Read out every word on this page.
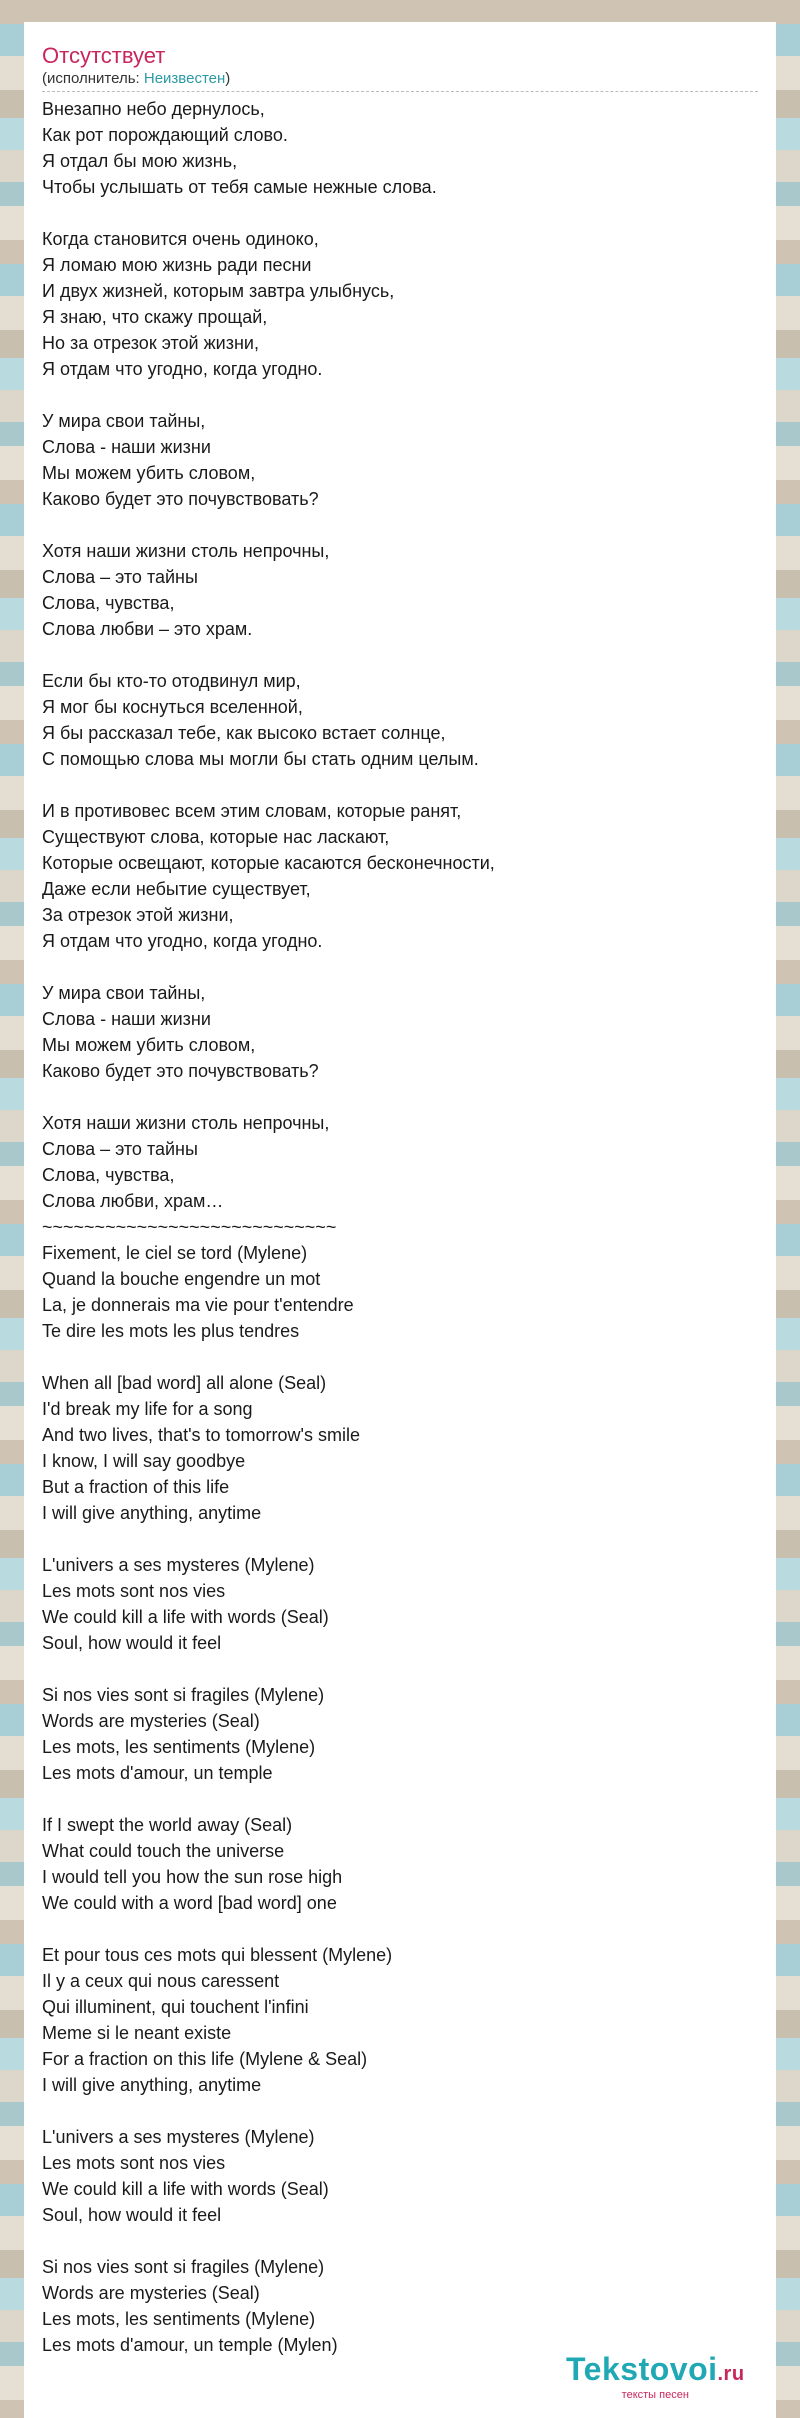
Отсутствует
(исполнитель: Неизвестен)
Внезапно небо дернулось,
Как рот порождающий слово.
Я отдал бы мою жизнь,
Чтобы услышать от тебя самые нежные слова.
Когда становится очень одиноко,
Я ломаю мою жизнь ради песни
И двух жизней, которым завтра улыбнусь,
Я знаю, что скажу прощай,
Но за отрезок этой жизни,
Я отдам что угодно, когда угодно.
У мира свои тайны,
Слова - наши жизни
Мы можем убить словом,
Каково будет это почувствовать?
Хотя наши жизни столь непрочны,
Слова – это тайны
Слова, чувства,
Слова любви – это храм.
Если бы кто-то отодвинул мир,
Я мог бы коснуться вселенной,
Я бы рассказал тебе, как высоко встает солнце,
С помощью слова мы могли бы стать одним целым.
И в противовес всем этим словам, которые ранят,
Существуют слова, которые нас ласкают,
Которые освещают, которые касаются бесконечности,
Даже если небытие существует,
За отрезок этой жизни,
Я отдам что угодно, когда угодно.
У мира свои тайны,
Слова - наши жизни
Мы можем убить словом,
Каково будет это почувствовать?
Хотя наши жизни столь непрочны,
Слова – это тайны
Слова, чувства,
Слова любви, храм…
~~~~~~~~~~~~~~~~~~~~~~~~~~~~
Fixement, le ciel se tord (Mylene)
Quand la bouche engendre un mot
La, je donnerais ma vie pour t'entendre
Te dire les mots les plus tendres
When all [bad word] all alone (Seal)
I'd break my life for a song
And two lives, that's to tomorrow's smile
I know, I will say goodbye
But a fraction of this life
I will give anything, anytime
L'univers a ses mysteres (Mylene)
Les mots sont nos vies
We could kill a life with words (Seal)
Soul, how would it feel
Si nos vies sont si fragiles (Mylene)
Words are mysteries (Seal)
Les mots, les sentiments (Mylene)
Les mots d'amour, un temple
If I swept the world away (Seal)
What could touch the universe
I would tell you how the sun rose high
We could with a word [bad word] one
Et pour tous ces mots qui blessent (Mylene)
Il y a ceux qui nous caressent
Qui illuminent, qui touchent l'infini
Meme si le neant existe
For a fraction on this life (Mylene & Seal)
I will give anything, anytime
L'univers a ses mysteres (Mylene)
Les mots sont nos vies
We could kill a life with words (Seal)
Soul, how would it feel
Si nos vies sont si fragiles (Mylene)
Words are mysteries (Seal)
Les mots, les sentiments (Mylene)
Les mots d'amour, un temple (Mylen)
Tekstovoi.ru
тексты песен
